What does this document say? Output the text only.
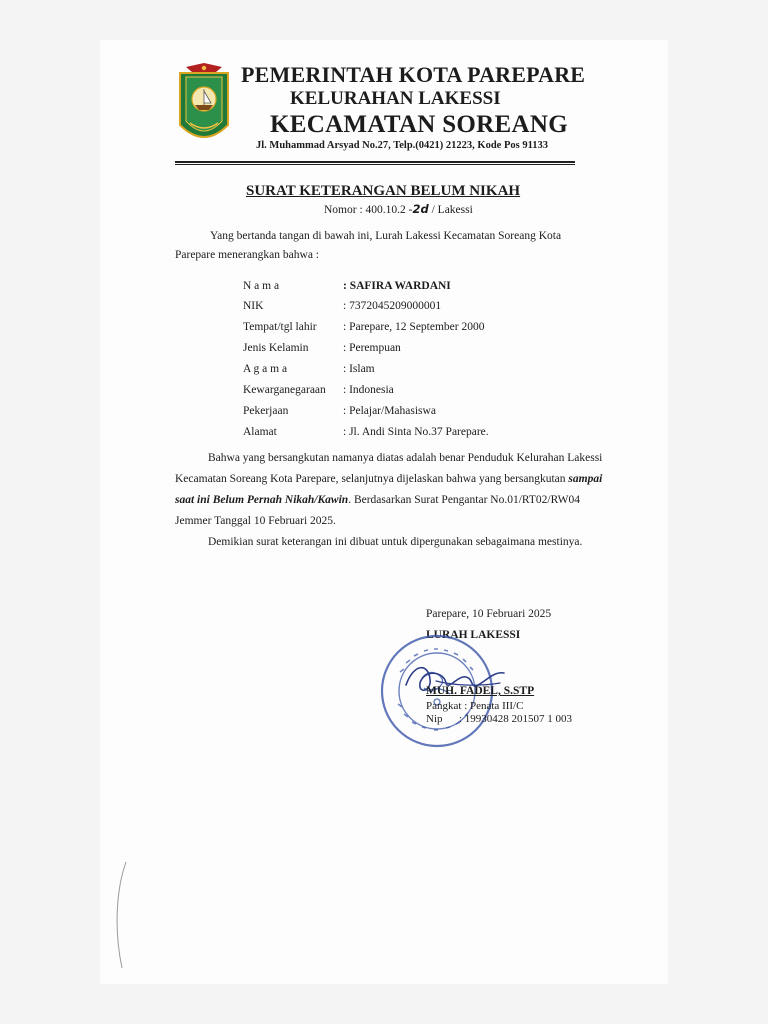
PEMERINTAH KOTA PAREPARE
KELURAHAN LAKESSI
KECAMATAN SOREANG
Jl. Muhammad Arsyad No.27, Telp.(0421) 21223, Kode Pos 91133
SURAT KETERANGAN BELUM NIKAH
Nomor : 400.10.2 -2d / Lakessi
Yang bertanda tangan di bawah ini, Lurah Lakessi Kecamatan Soreang Kota
Parepare menerangkan bahwa :
N a m a	: SAFIRA WARDANI
NIK	: 7372045209000001
Tempat/tgl lahir : Parepare, 12 September 2000
Jenis Kelamin	: Perempuan
A g a m a	: Islam
Kewarganegaraan : Indonesia
Pekerjaan	: Pelajar/Mahasiswa
Alamat	: Jl. Andi Sinta No.37 Parepare.
Bahwa yang bersangkutan namanya diatas adalah benar Penduduk Kelurahan Lakessi
Kecamatan Soreang Kota Parepare, selanjutnya dijelaskan bahwa yang bersangkutan sampai
saat ini Belum Pernah Nikah/Kawin. Berdasarkan Surat Pengantar No.01/RT02/RW04
Jemmer Tanggal 10 Februari 2025.
Demikian surat keterangan ini dibuat untuk dipergunakan sebagaimana mestinya.
Parepare, 10 Februari 2025
LURAH LAKESSI
MUH. FADEL, S.STP
Pangkat : Penata III/C
Nip      : 19930428 201507 1 003
